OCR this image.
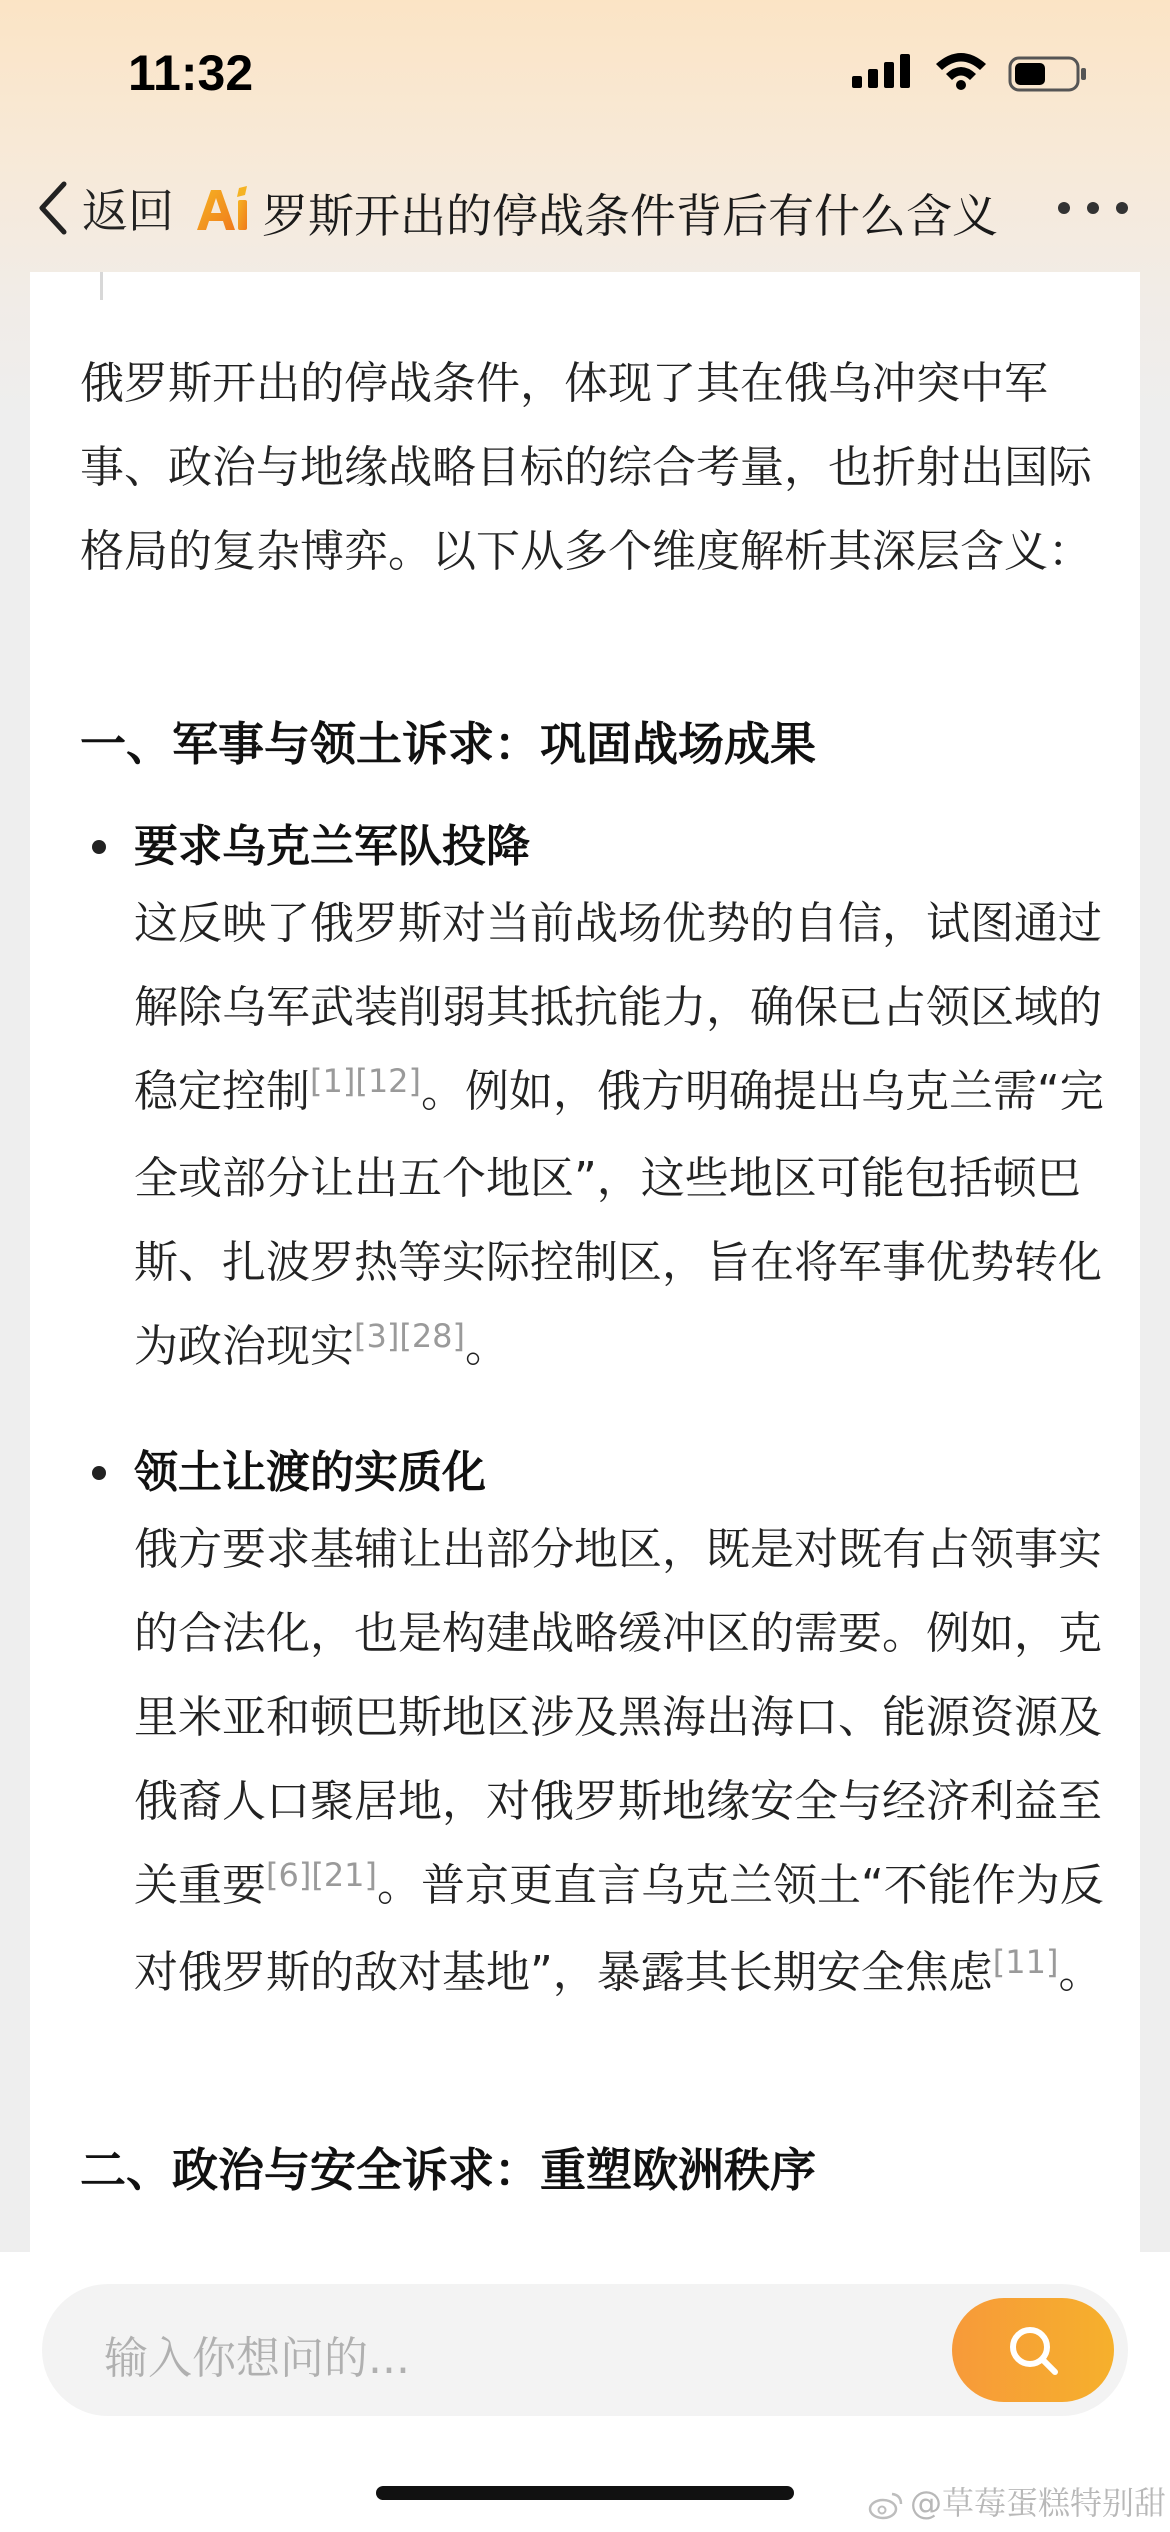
11:32
返回 罗斯开出的停战条件背后有什么含义
俄罗斯开出的停战条件，体现了其在俄乌冲突中军事、政治与地缘战略目标的综合考量，也折射出国际格局的复杂博弈。以下从多个维度解析其深层含义：
一、军事与领土诉求：巩固战场成果
要求乌克兰军队投降
这反映了俄罗斯对当前战场优势的自信，试图通过解除乌军武装削弱其抵抗能力，确保已占领区域的稳定控制[1][12]。例如，俄方明确提出乌克兰需“完全或部分让出五个地区”，这些地区可能包括顿巴斯、扎波罗热等实际控制区，旨在将军事优势转化为政治现实[3][28]。
领土让渡的实质化
俄方要求基辅让出部分地区，既是对既有占领事实的合法化，也是构建战略缓冲区的需要。例如，克里米亚和顿巴斯地区涉及黑海出海口、能源资源及俄裔人口聚居地，对俄罗斯地缘安全与经济利益至关重要[6][21]。普京更直言乌克兰领土“不能作为反对俄罗斯的敌对基地”，暴露其长期安全焦虑[11]。
二、政治与安全诉求：重塑欧洲秩序
输入你想问的...
@草莓蛋糕特别甜
